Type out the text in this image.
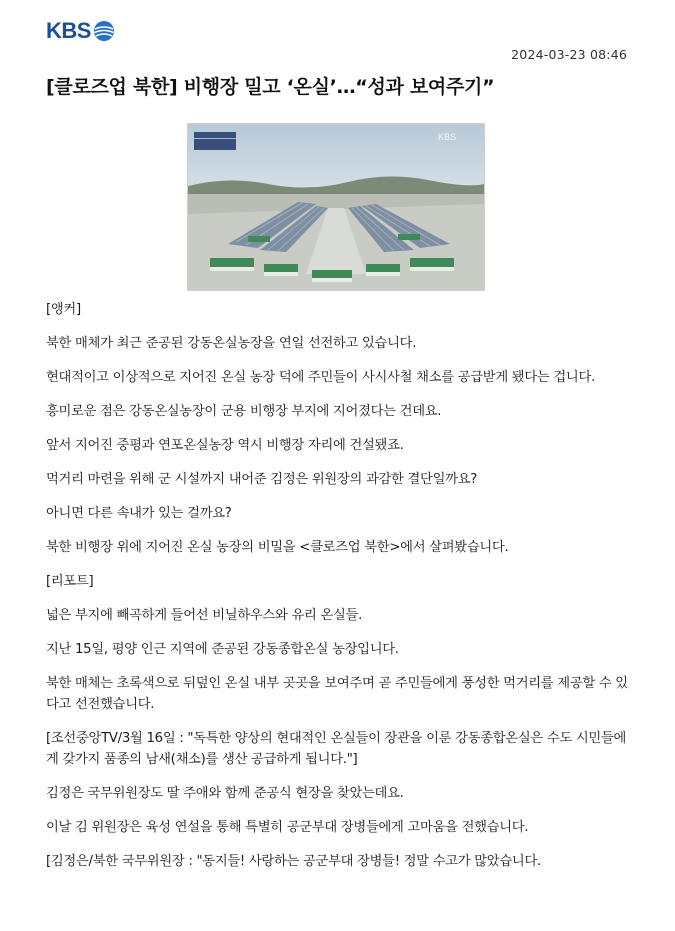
KBS
2024-03-23 08:46
[클로즈업 북한] 비행장 밀고 ‘온실’…“성과 보여주기”
KBS

[앵커]

북한 매체가 최근 준공된 강동온실농장을 연일 선전하고 있습니다.

현대적이고 이상적으로 지어진 온실 농장 덕에 주민들이 사시사철 채소를 공급받게 됐다는 겁니다.

흥미로운 점은 강동온실농장이 군용 비행장 부지에 지어졌다는 건데요.

앞서 지어진 중평과 연포온실농장 역시 비행장 자리에 건설됐죠.

먹거리 마련을 위해 군 시설까지 내어준 김정은 위원장의 과감한 결단일까요?

아니면 다른 속내가 있는 걸까요?

북한 비행장 위에 지어진 온실 농장의 비밀을 <클로즈업 북한>에서 살펴봤습니다.

[리포트]

넓은 부지에 빼곡하게 들어선 비닐하우스와 유리 온실들.

지난 15일, 평양 인근 지역에 준공된 강동종합온실 농장입니다.

북한 매체는 초록색으로 뒤덮인 온실 내부 곳곳을 보여주며 곧 주민들에게 풍성한 먹거리를 제공할 수 있다고 선전했습니다.

[조선중앙TV/3월 16일 : "독특한 양상의 현대적인 온실들이 장관을 이룬 강동종합온실은 수도 시민들에게 갖가지 품종의 남새(채소)를 생산 공급하게 됩니다."]

김정은 국무위원장도 딸 주애와 함께 준공식 현장을 찾았는데요.

이날 김 위원장은 육성 연설을 통해 특별히 공군부대 장병들에게 고마움을 전했습니다.

[김정은/북한 국무위원장 : "동지들! 사랑하는 공군부대 장병들! 정말 수고가 많았습니다.
